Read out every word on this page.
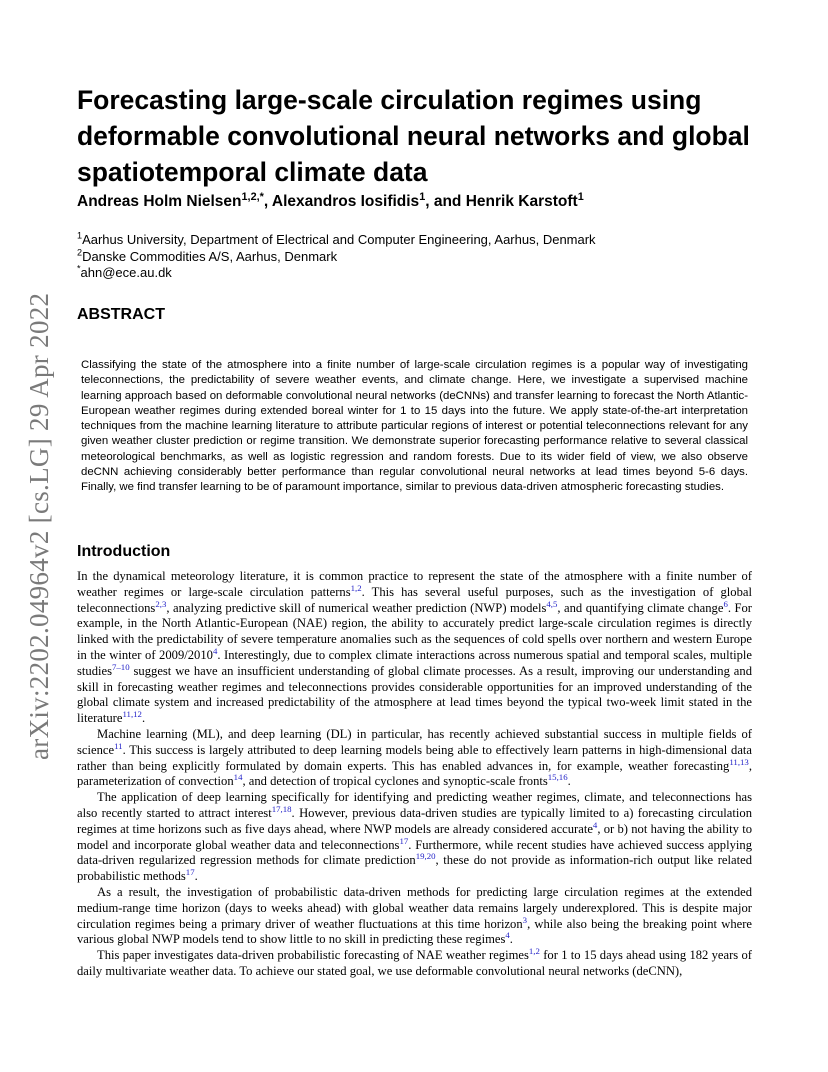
arXiv:2202.04964v2 [cs.LG] 29 Apr 2022
Forecasting large-scale circulation regimes using deformable convolutional neural networks and global spatiotemporal climate data
Andreas Holm Nielsen$^{1,2,*}$, Alexandros Iosifidis$^1$, and Henrik Karstoft$^1$
$^1$Aarhus University, Department of Electrical and Computer Engineering, Aarhus, Denmark
$^2$Danske Commodities A/S, Aarhus, Denmark
*ahn@ece.au.dk
ABSTRACT

Classifying the state of the atmosphere into a finite number of large-scale circulation regimes is a popular way of investigating teleconnections, the predictability of severe weather events, and climate change. Here, we investigate a supervised machine learning approach based on deformable convolutional neural networks (deCNNs) and transfer learning to forecast the North Atlantic-European weather regimes during extended boreal winter for 1 to 15 days into the future. We apply state-of-the-art interpretation techniques from the machine learning literature to attribute particular regions of interest or potential teleconnections relevant for any given weather cluster prediction or regime transition. We demonstrate superior forecasting performance relative to several classical meteorological benchmarks, as well as logistic regression and random forests. Due to its wider field of view, we also observe deCNN achieving considerably better performance than regular convolutional neural networks at lead times beyond 5-6 days. Finally, we find transfer learning to be of paramount importance, similar to previous data-driven atmospheric forecasting studies.

Introduction

In the dynamical meteorology literature, it is common practice to represent the state of the atmosphere with a finite number of weather regimes or large-scale circulation patterns$^{1,2}$. This has several useful purposes, such as the investigation of global teleconnections$^{2,3}$, analyzing predictive skill of numerical weather prediction (NWP) models$^{4,5}$, and quantifying climate change$^6$. For example, in the North Atlantic-European (NAE) region, the ability to accurately predict large-scale circulation regimes is directly linked with the predictability of severe temperature anomalies such as the sequences of cold spells over northern and western Europe in the winter of 2009/2010$^4$. Interestingly, due to complex climate interactions across numerous spatial and temporal scales, multiple studies$^{7-10}$ suggest we have an insufficient understanding of global climate processes. As a result, improving our understanding and skill in forecasting weather regimes and teleconnections provides considerable opportunities for an improved understanding of the global climate system and increased predictability of the atmosphere at lead times beyond the typical two-week limit stated in the literature$^{11,12}$.

Machine learning (ML), and deep learning (DL) in particular, has recently achieved substantial success in multiple fields of science$^{11}$. This success is largely attributed to deep learning models being able to effectively learn patterns in high-dimensional data rather than being explicitly formulated by domain experts. This has enabled advances in, for example, weather forecasting$^{11,13}$, parameterization of convection$^{14}$, and detection of tropical cyclones and synoptic-scale fronts$^{15,16}$.

The application of deep learning specifically for identifying and predicting weather regimes, climate, and teleconnections has also recently started to attract interest$^{17,18}$. However, previous data-driven studies are typically limited to a) forecasting circulation regimes at time horizons such as five days ahead, where NWP models are already considered accurate$^4$, or b) not having the ability to model and incorporate global weather data and teleconnections$^{17}$. Furthermore, while recent studies have achieved success applying data-driven regularized regression methods for climate prediction$^{19,20}$, these do not provide as information-rich output like related probabilistic methods$^{17}$.

As a result, the investigation of probabilistic data-driven methods for predicting large circulation regimes at the extended medium-range time horizon (days to weeks ahead) with global weather data remains largely underexplored. This is despite major circulation regimes being a primary driver of weather fluctuations at this time horizon$^3$, while also being the breaking point where various global NWP models tend to show little to no skill in predicting these regimes$^4$.

This paper investigates data-driven probabilistic forecasting of NAE weather regimes$^{1,2}$ for 1 to 15 days ahead using 182 years of daily multivariate weather data. To achieve our stated goal, we use deformable convolutional neural networks (deCNN),
